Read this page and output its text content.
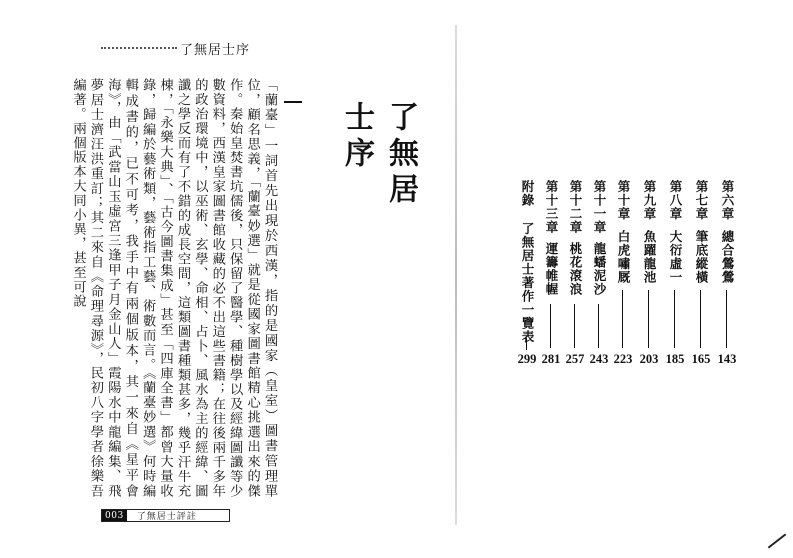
了無居士序

「蘭臺」一詞首先出現於西漢，指的是國家（皇室）圖書管理單位，顧名思義，「蘭臺妙選」就是從國家圖書館精心挑選出來的傑作。秦始皇焚書坑儒後，只保留了醫學、種樹學以及經緯圖讖等少數資料，西漢皇家圖書館收藏的必不出這些書籍；在往後兩千多年的政治環境中，以巫術、玄學、命相、占卜、風水為主的經緯、圖讖之學反而有了不錯的成長空間，這類圖書種類甚多，幾乎汗牛充棟，「永樂大典」、「古今圖書集成」甚至「四庫全書」都曾大量收錄，歸編於藝術類，藝術指工藝、術數而言。《蘭臺妙選》何時編輯成書的，已不可考，我手中有兩個版本，其一來自《星平會海》，由「武當山玉虛宮三逢甲子月金山人」霞陽水中龍編集、飛夢居士濟汪洪重訂；其二來自《命理尋源》，民初八字學者徐樂吾編著。兩個版本大同小異，甚至可說	了無居士序
003	了無居士評註
第六章
總合鶯鶯
143
第七章
筆底縱橫
165
第八章
大衍虛一
185
第九章
魚躍龍池
203
第十章
白虎嘯厩
223
第十一章
龍蟠泥沙
243
第十二章
桃花滾浪
257
第十三章
運籌帷幄
281
附錄
了無居士著作一覽表
299
